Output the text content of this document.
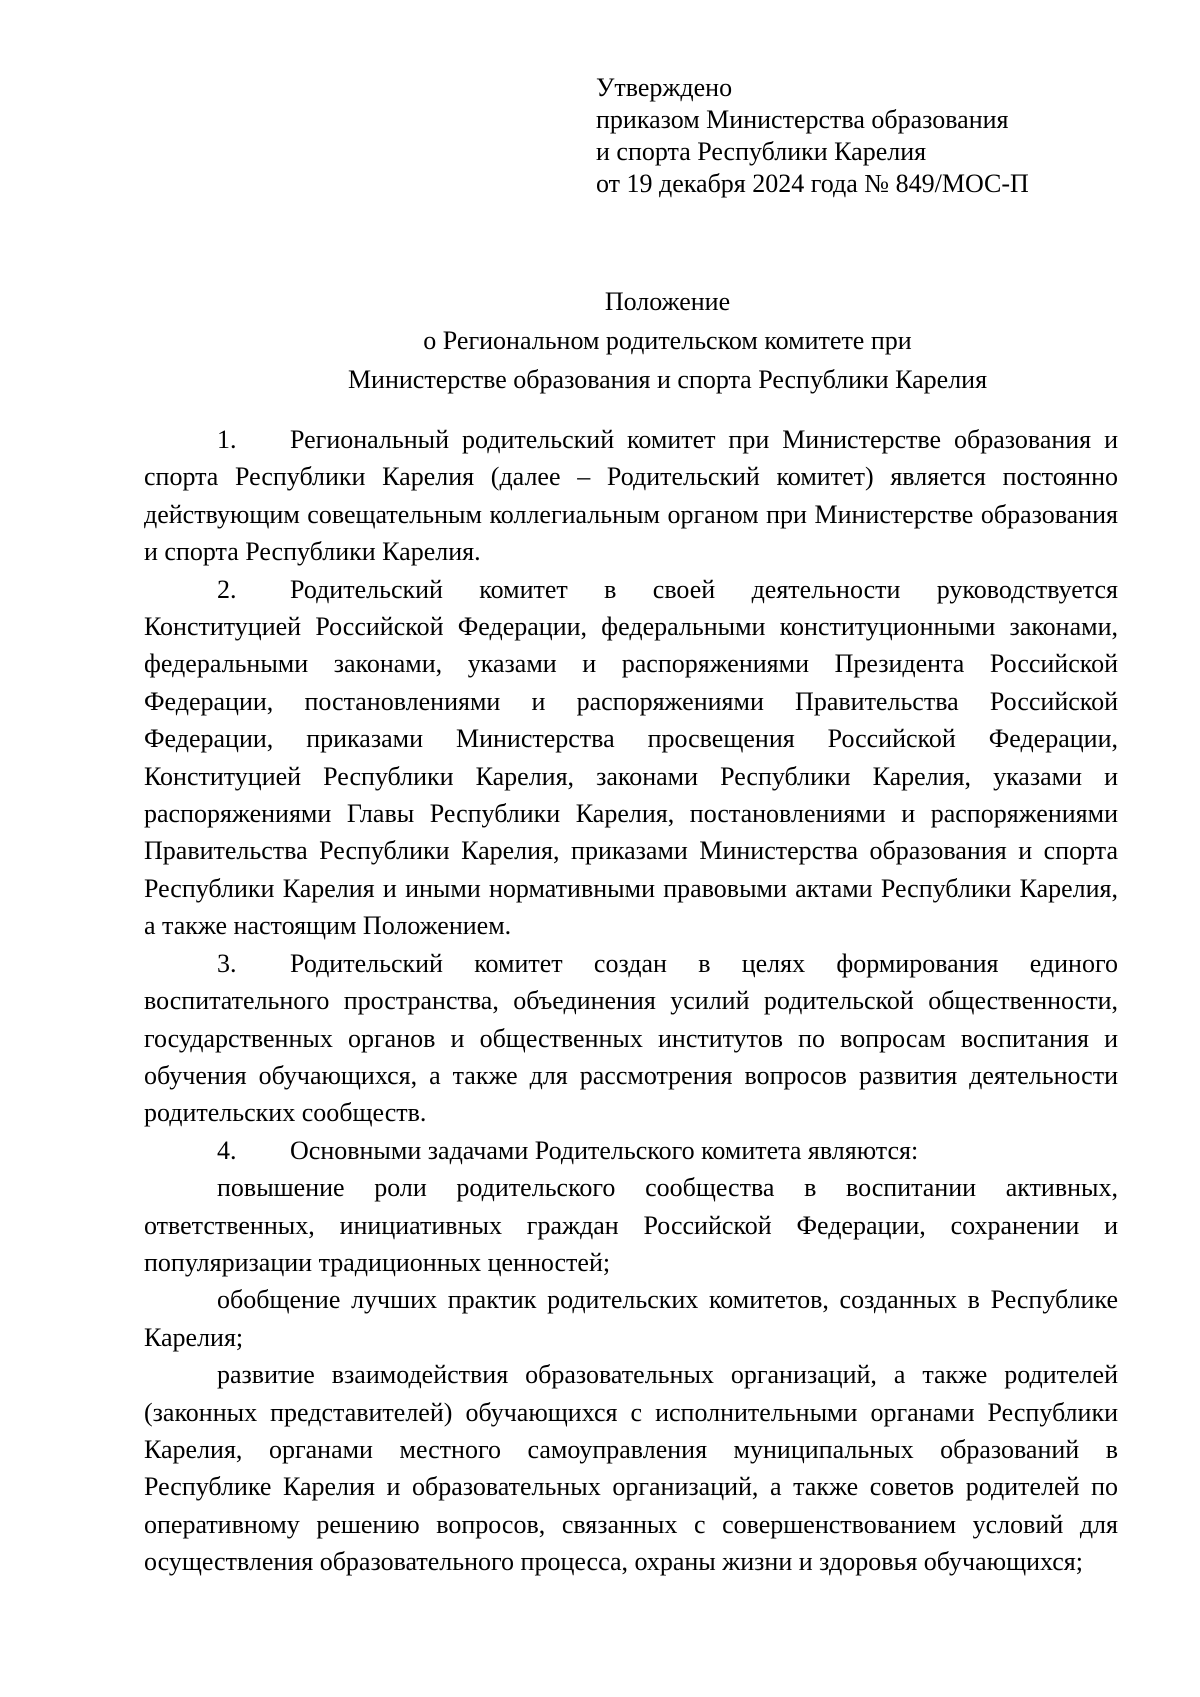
Утверждено
приказом Министерства образования
и спорта Республики Карелия
от 19 декабря 2024 года № 849/МОС-П
Положение
о Региональном родительском комитете при
Министерстве образования и спорта Республики Карелия

1. Региональный родительский комитет при Министерстве образования и спорта Республики Карелия (далее – Родительский комитет) является постоянно действующим совещательным коллегиальным органом при Министерстве образования и спорта Республики Карелия.

2. Родительский комитет в своей деятельности руководствуется Конституцией Российской Федерации, федеральными конституционными законами, федеральными законами, указами и распоряжениями Президента Российской Федерации, постановлениями и распоряжениями Правительства Российской Федерации, приказами Министерства просвещения Российской Федерации, Конституцией Республики Карелия, законами Республики Карелия, указами и распоряжениями Главы Республики Карелия, постановлениями и распоряжениями Правительства Республики Карелия, приказами Министерства образования и спорта Республики Карелия и иными нормативными правовыми актами Республики Карелия, а также настоящим Положением.

3. Родительский комитет создан в целях формирования единого воспитательного пространства, объединения усилий родительской общественности, государственных органов и общественных институтов по вопросам воспитания и обучения обучающихся, а также для рассмотрения вопросов развития деятельности родительских сообществ.

4. Основными задачами Родительского комитета являются:

повышение роли родительского сообщества в воспитании активных, ответственных, инициативных граждан Российской Федерации, сохранении и популяризации традиционных ценностей;

обобщение лучших практик родительских комитетов, созданных в Республике Карелия;

развитие взаимодействия образовательных организаций, а также родителей (законных представителей) обучающихся с исполнительными органами Республики Карелия, органами местного самоуправления муниципальных образований в Республике Карелия и образовательных организаций, а также советов родителей по оперативному решению вопросов, связанных с совершенствованием условий для осуществления образовательного процесса, охраны жизни и здоровья обучающихся;
